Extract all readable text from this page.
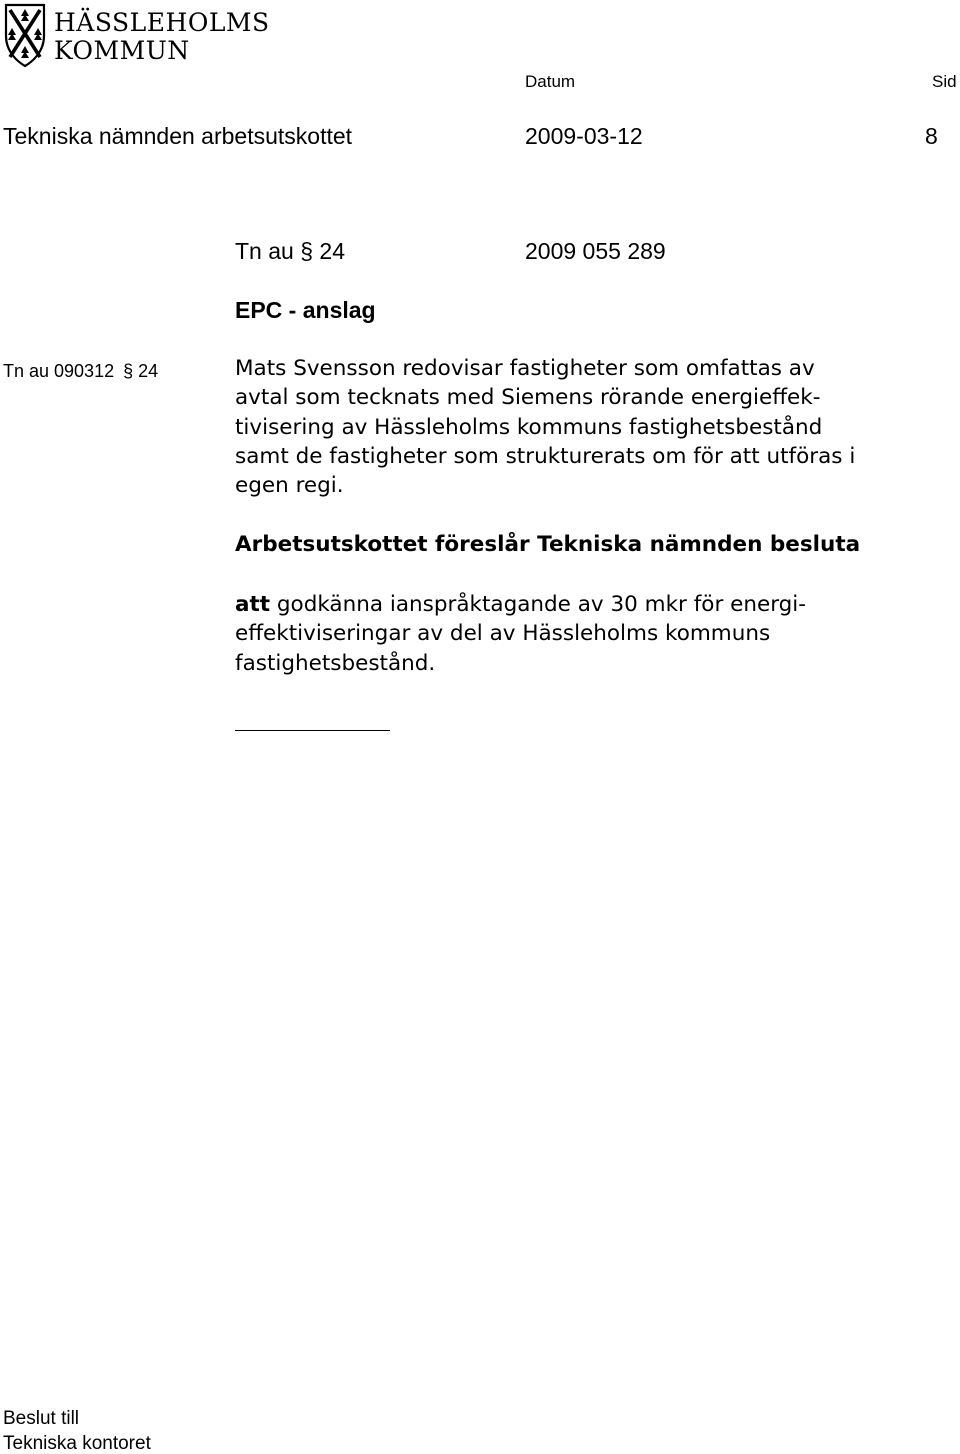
HÄSSLEHOLMS
KOMMUN
Datum	Sid
Tekniska nämnden arbetsutskottet	2009-03-12	8
Tn au § 24	2009 055 289
EPC - anslag
Tn au 090312 § 24	Mats Svensson redovisar fastigheter som omfattas av
avtal som tecknats med Siemens rörande energieffek-
tivisering av Hässleholms kommuns fastighetsbestånd
samt de fastigheter som strukturerats om för att utföras i
egen regi.
Arbetsutskottet föreslår Tekniska nämnden besluta
att godkänna ianspråktagande av 30 mkr för energi-
effektiviseringar av del av Hässleholms kommuns
fastighetsbestånd.
Beslut till
Tekniska kontoret
